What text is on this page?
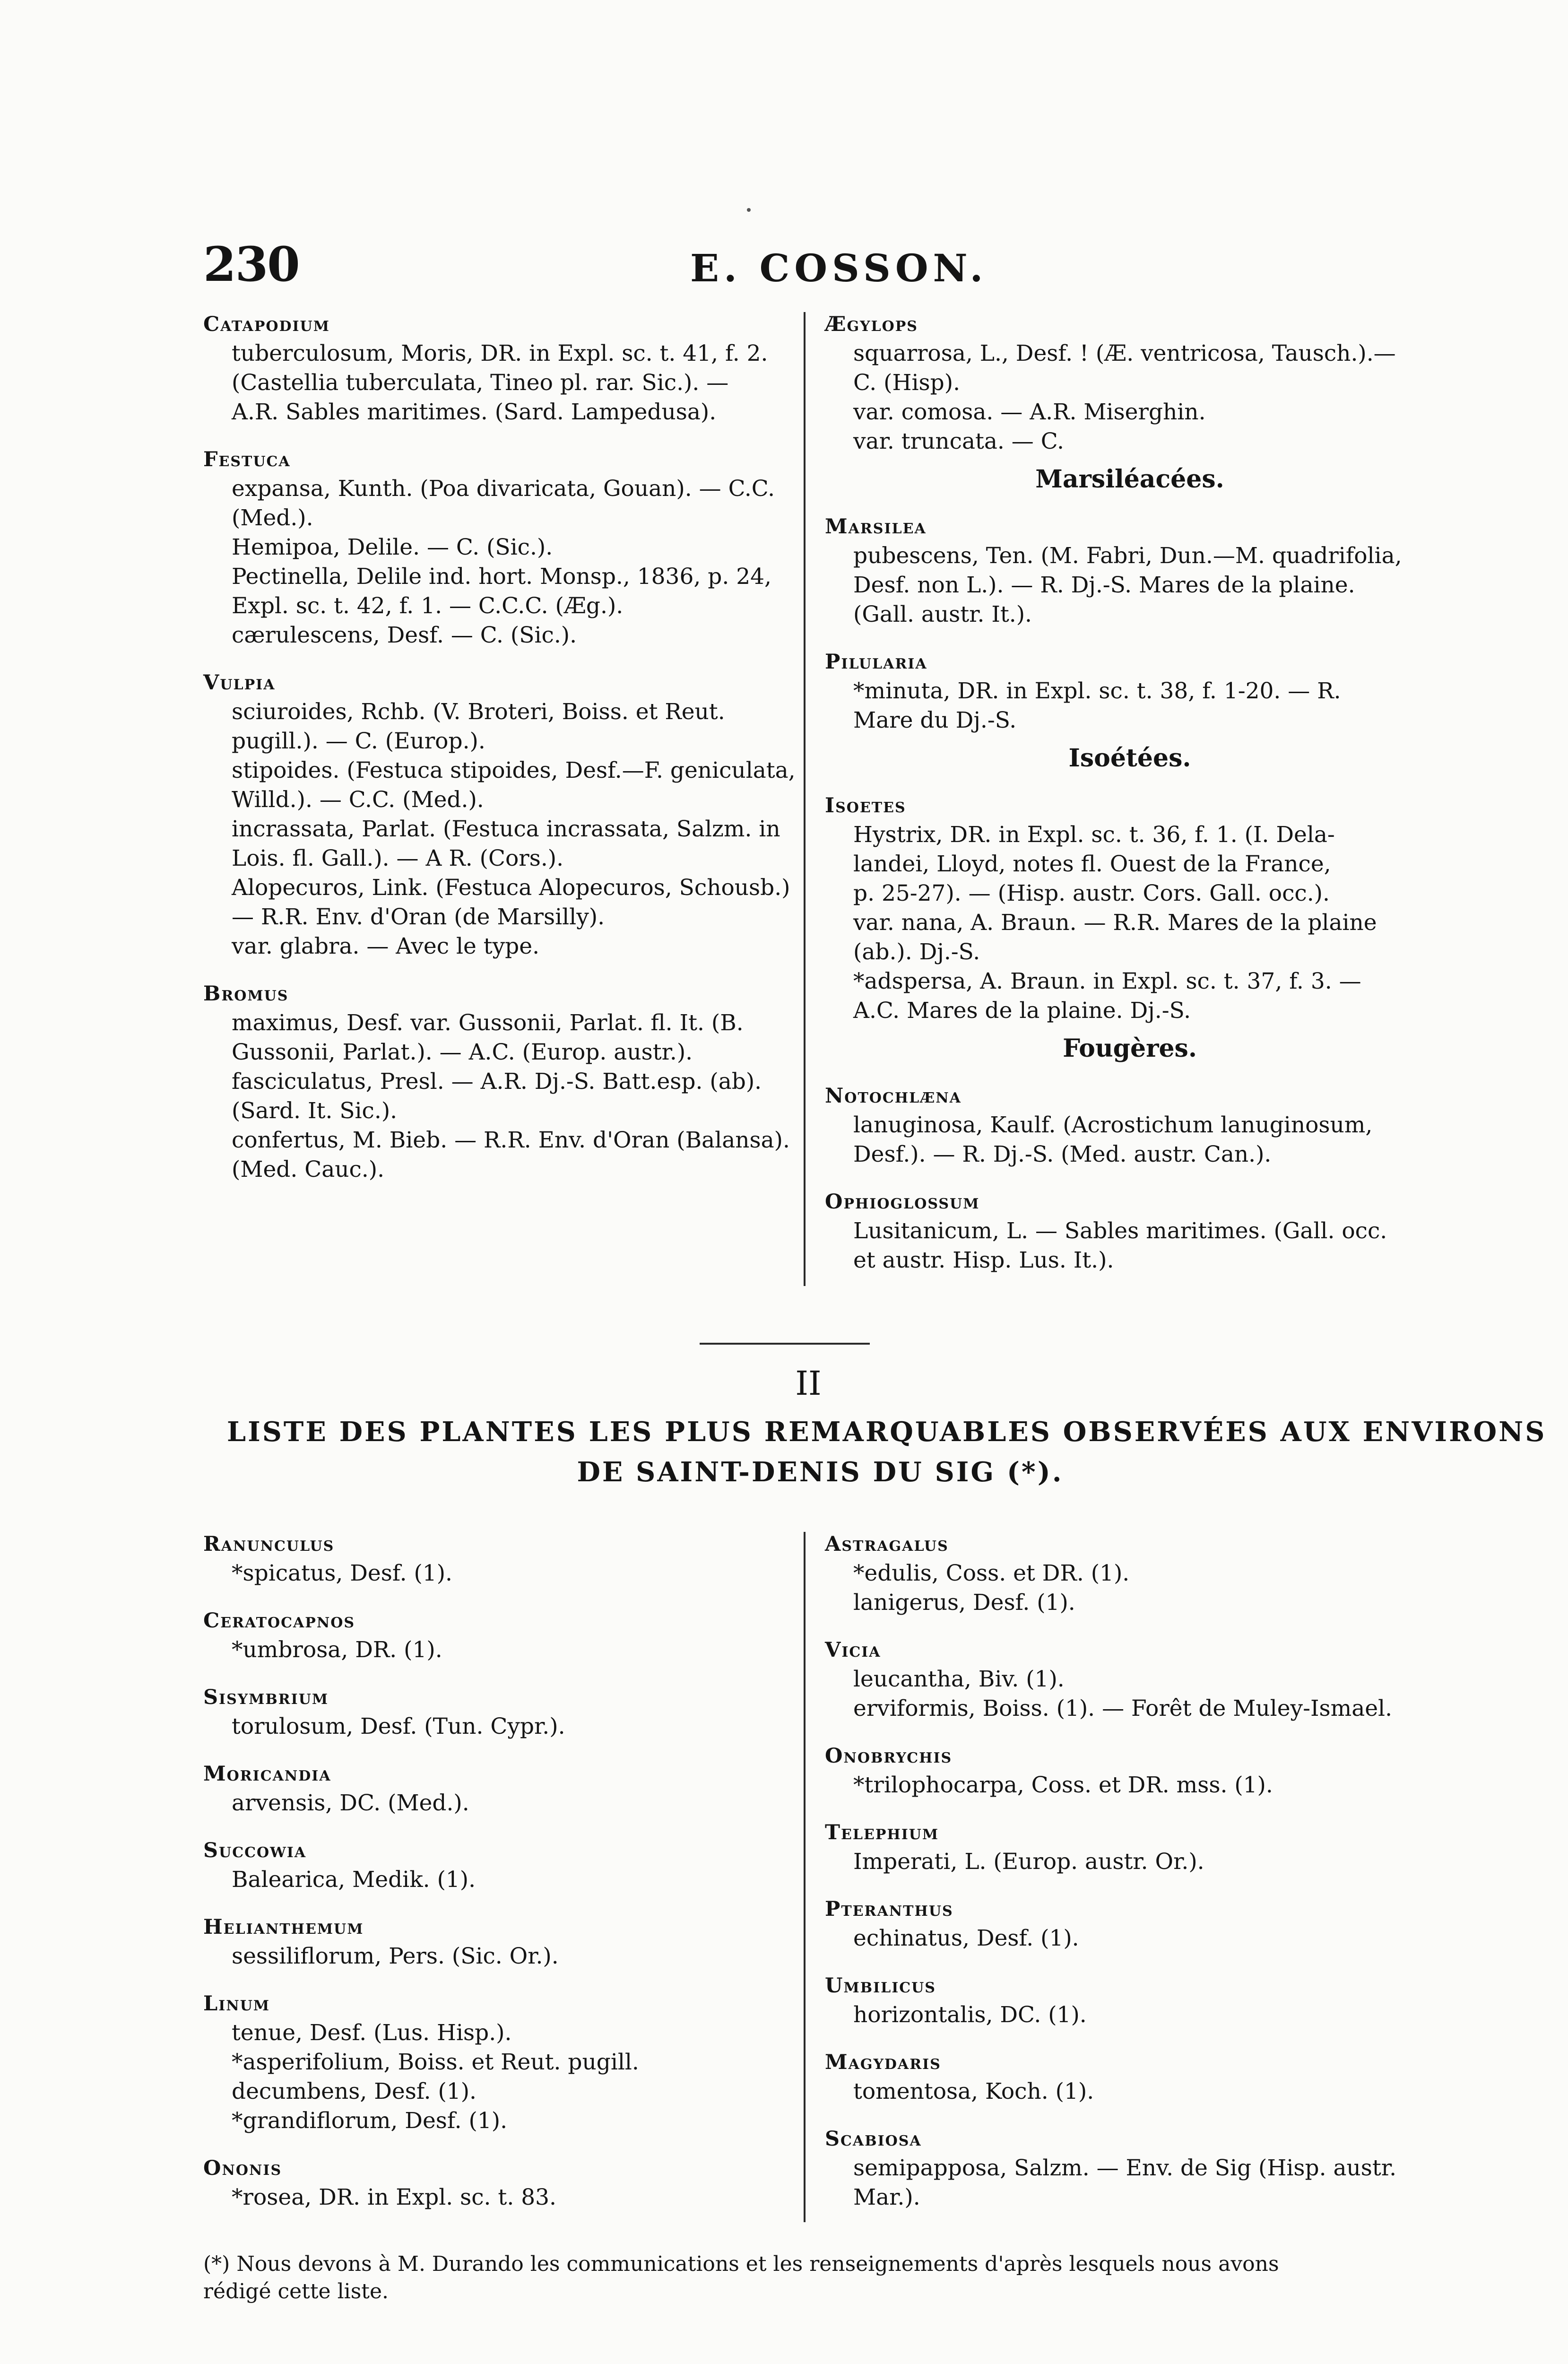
230	E. COSSON.
Catapodium
tuberculosum, Moris, DR. in Expl. sc. t. 41, f. 2.
(Castellia tuberculata, Tineo pl. rar. Sic.). —
A.R. Sables maritimes. (Sard. Lampedusa).
Festuca
expansa, Kunth. (Poa divaricata, Gouan). — C.C.
(Med.).
Hemipoa, Delile. — C. (Sic.).
Pectinella, Delile ind. hort. Monsp., 1836, p. 24,
Expl. sc. t. 42, f. 1. — C.C.C. (Æg.).
cærulescens, Desf. — C. (Sic.).
Vulpia
sciuroides, Rchb. (V. Broteri, Boiss. et Reut.
pugill.). — C. (Europ.).
stipoides. (Festuca stipoides, Desf.—F. geniculata,
Willd.). — C.C. (Med.).
incrassata, Parlat. (Festuca incrassata, Salzm. in
Lois. fl. Gall.). — A R. (Cors.).
Alopecuros, Link. (Festuca Alopecuros, Schousb.)
— R.R. Env. d'Oran (de Marsilly).
var. glabra. — Avec le type.
Bromus
maximus, Desf. var. Gussonii, Parlat. fl. It. (B.
Gussonii, Parlat.). — A.C. (Europ. austr.).
fasciculatus, Presl. — A.R. Dj.-S. Batt.esp. (ab).
(Sard. It. Sic.).
confertus, M. Bieb. — R.R. Env. d'Oran (Balansa).
(Med. Cauc.).
Ægylops
squarrosa, L., Desf. ! (Æ. ventricosa, Tausch.).—
C. (Hisp).
var. comosa. — A.R. Miserghin.
var. truncata. — C.
Marsiléacées.
Marsilea
pubescens, Ten. (M. Fabri, Dun.—M. quadrifolia,
Desf. non L.). — R. Dj.-S. Mares de la plaine.
(Gall. austr. It.).
Pilularia
*minuta, DR. in Expl. sc. t. 38, f. 1-20. — R.
Mare du Dj.-S.
Isoétées.
Isoetes
Hystrix, DR. in Expl. sc. t. 36, f. 1. (I. Dela-
landei, Lloyd, notes fl. Ouest de la France,
p. 25-27). — (Hisp. austr. Cors. Gall. occ.).
var. nana, A. Braun. — R.R. Mares de la plaine
(ab.). Dj.-S.
*adspersa, A. Braun. in Expl. sc. t. 37, f. 3. —
A.C. Mares de la plaine. Dj.-S.
Fougères.
Notochlæna
lanuginosa, Kaulf. (Acrostichum lanuginosum,
Desf.). — R. Dj.-S. (Med. austr. Can.).
Ophioglossum
Lusitanicum, L. — Sables maritimes. (Gall. occ.
et austr. Hisp. Lus. It.).
II
LISTE DES PLANTES LES PLUS REMARQUABLES OBSERVÉES AUX ENVIRONS
DE SAINT-DENIS DU SIG (*).
Ranunculus
*spicatus, Desf. (1).
Ceratocapnos
*umbrosa, DR. (1).
Sisymbrium
torulosum, Desf. (Tun. Cypr.).
Moricandia
arvensis, DC. (Med.).
Succowia
Balearica, Medik. (1).
Helianthemum
sessiliflorum, Pers. (Sic. Or.).
Linum
tenue, Desf. (Lus. Hisp.).
*asperifolium, Boiss. et Reut. pugill.
decumbens, Desf. (1).
*grandiflorum, Desf. (1).
Ononis
*rosea, DR. in Expl. sc. t. 83.
Astragalus
*edulis, Coss. et DR. (1).
lanigerus, Desf. (1).
Vicia
leucantha, Biv. (1).
erviformis, Boiss. (1). — Forêt de Muley-Ismael.
Onobrychis
*trilophocarpa, Coss. et DR. mss. (1).
Telephium
Imperati, L. (Europ. austr. Or.).
Pteranthus
echinatus, Desf. (1).
Umbilicus
horizontalis, DC. (1).
Magydaris
tomentosa, Koch. (1).
Scabiosa
semipapposa, Salzm. — Env. de Sig (Hisp. austr.
Mar.).
(*) Nous devons à M. Durando les communications et les renseignements d'après lesquels nous avons
rédigé cette liste.
